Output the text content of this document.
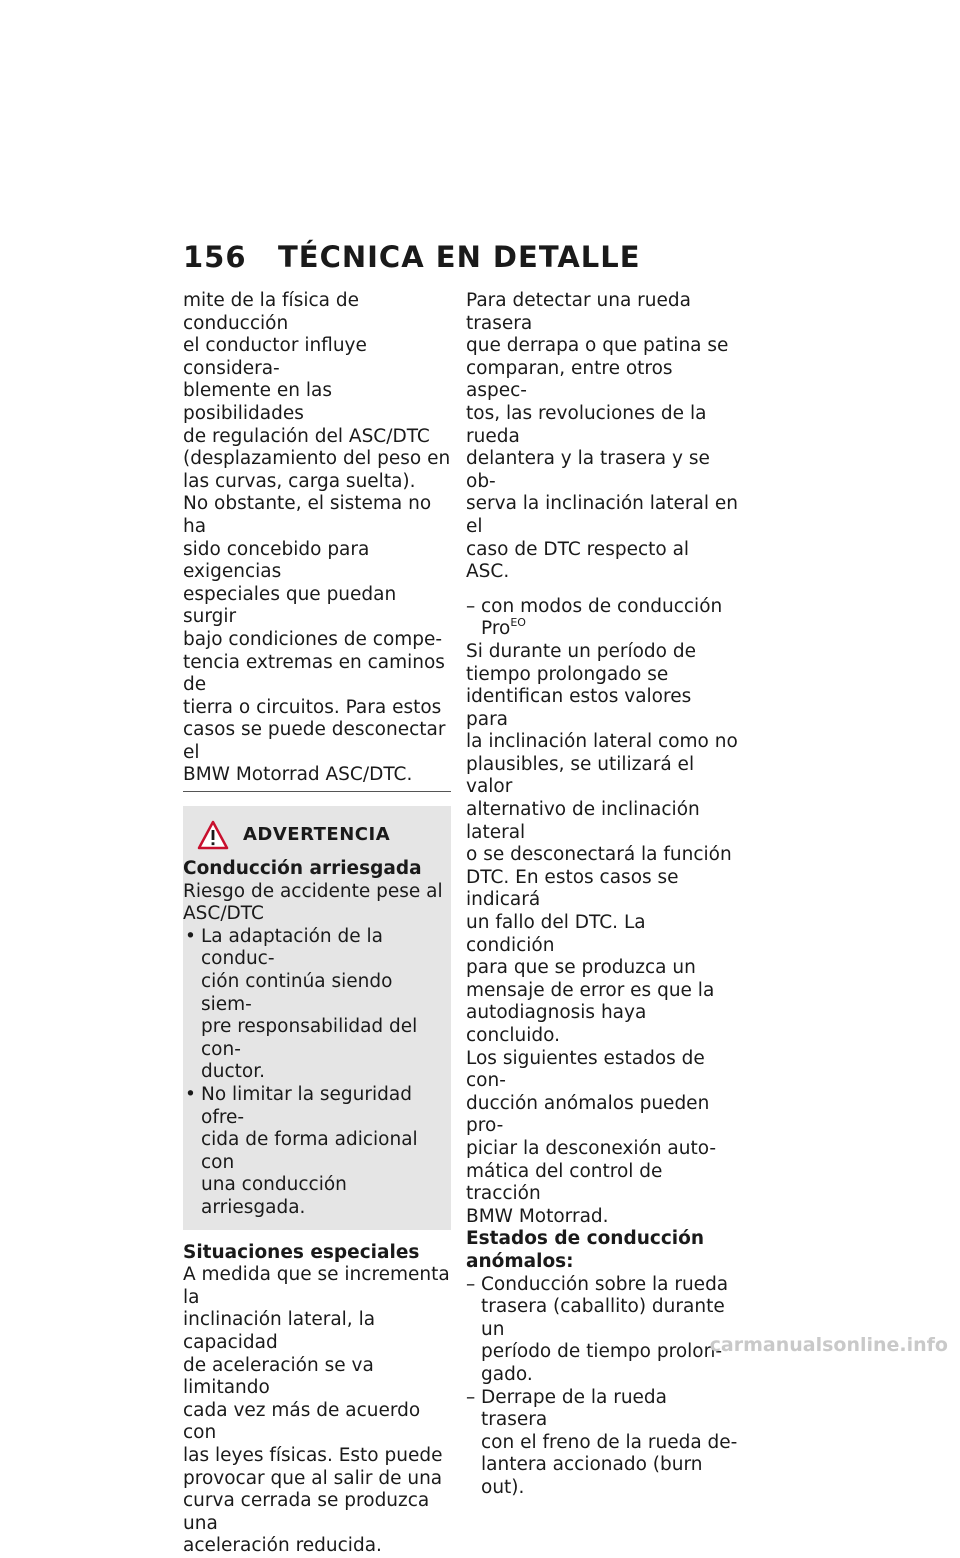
156	TÉCNICA EN DETALLE

mite de la física de conducción

el conductor influye considera-

blemente en las posibilidades

de regulación del ASC/DTC

(desplazamiento del peso en

las curvas, carga suelta).

No obstante, el sistema no ha

sido concebido para exigencias

especiales que puedan surgir

bajo condiciones de compe-

tencia extremas en caminos de

tierra o circuitos. Para estos

casos se puede desconectar el

BMW Motorrad ASC/DTC.

ADVERTENCIA

Conducción arriesgada

Riesgo de accidente pese al

ASC/DTC

• La adaptación de la conduc-

ción continúa siendo siem-

pre responsabilidad del con-

ductor.

• No limitar la seguridad ofre-

cida de forma adicional con

una conducción arriesgada.

Situaciones especiales

A medida que se incrementa la

inclinación lateral, la capacidad

de aceleración se va limitando

cada vez más de acuerdo con

las leyes físicas. Esto puede

provocar que al salir de una

curva cerrada se produzca una

aceleración reducida.

Para detectar una rueda trasera

que derrapa o que patina se

comparan, entre otros aspec-

tos, las revoluciones de la rueda

delantera y la trasera y se ob-

serva la inclinación lateral en el

caso de DTC respecto al ASC.

– con modos de conducción

Pro$^{EO}$

Si durante un período de

tiempo prolongado se

identifican estos valores para

la inclinación lateral como no

plausibles, se utilizará el valor

alternativo de inclinación lateral

o se desconectará la función

DTC. En estos casos se indicará

un fallo del DTC. La condición

para que se produzca un

mensaje de error es que la

autodiagnosis haya concluido.

Los siguientes estados de con-

ducción anómalos pueden pro-

piciar la desconexión auto-

mática del control de tracción

BMW Motorrad.

Estados de conducción

anómalos:

– Conducción sobre la rueda

trasera (caballito) durante un

período de tiempo prolon-

gado.

– Derrape de la rueda trasera

con el freno de la rueda de-

lantera accionado (burn out).

carmanualsonline.info
